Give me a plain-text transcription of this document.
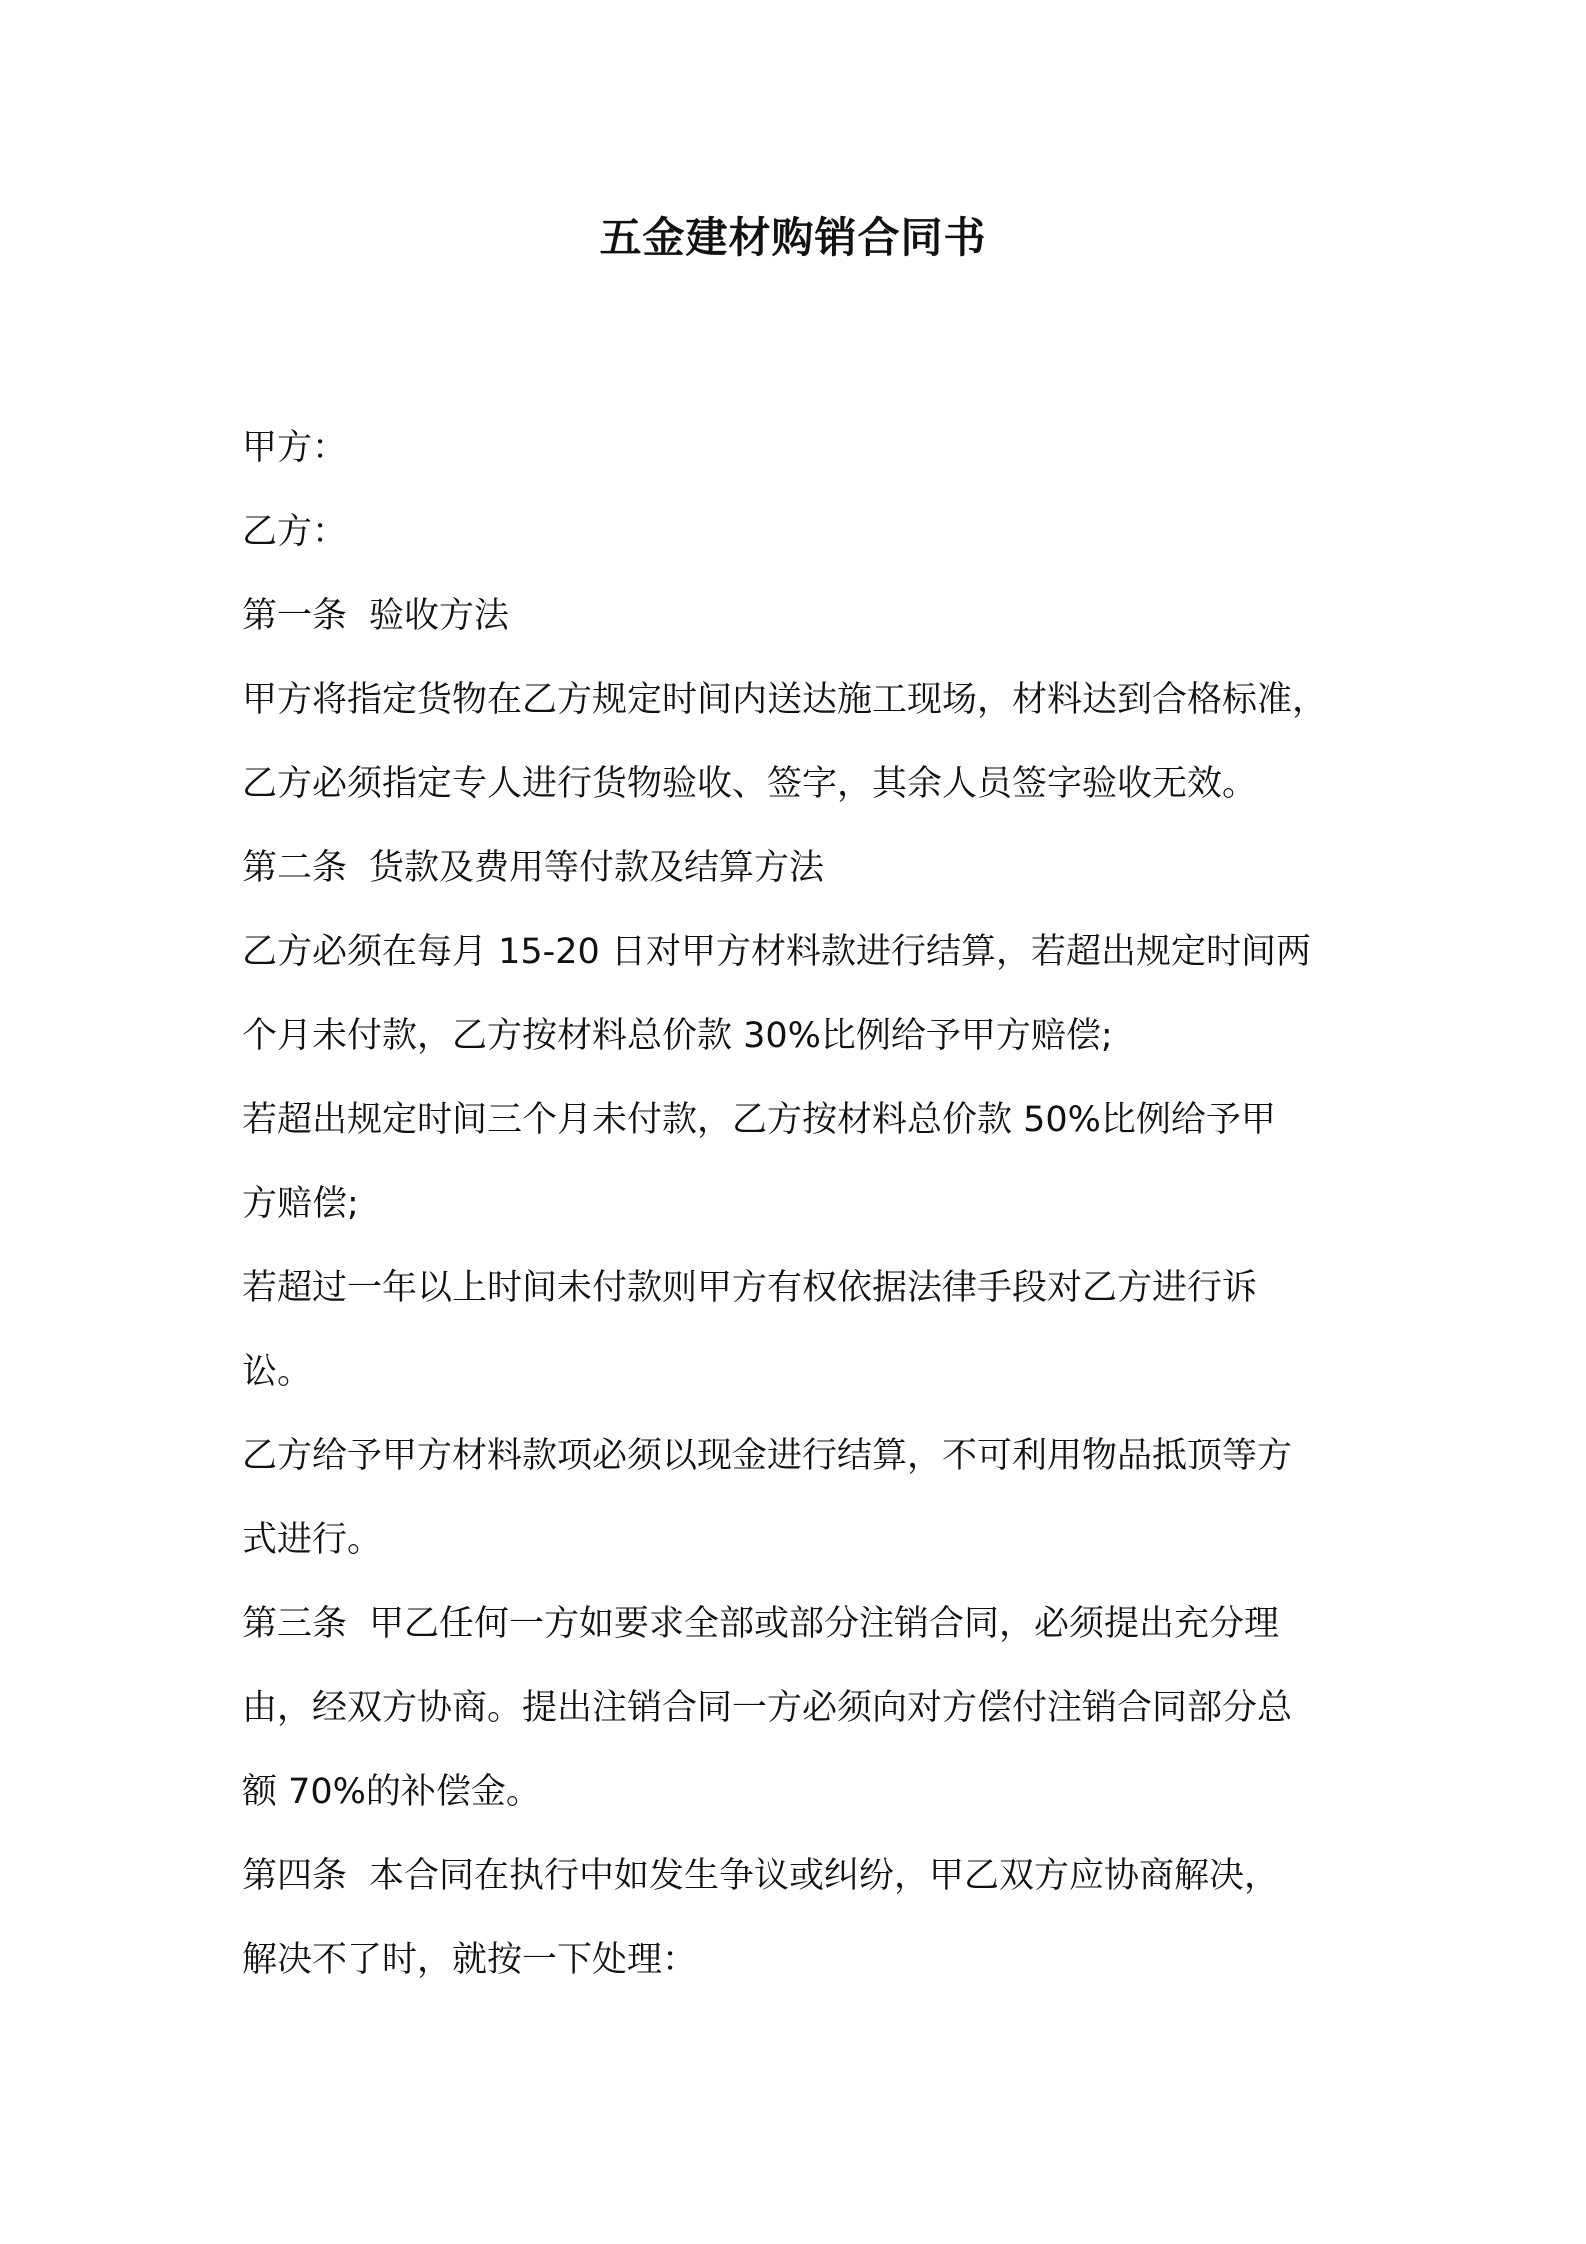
五金建材购销合同书
甲方：
乙方：
第一条 验收方法
甲方将指定货物在乙方规定时间内送达施工现场，材料达到合格标准，
乙方必须指定专人进行货物验收、签字，其余人员签字验收无效。
第二条 货款及费用等付款及结算方法
乙方必须在每月 15-20 日对甲方材料款进行结算，若超出规定时间两
个月未付款，乙方按材料总价款 30%比例给予甲方赔偿;
若超出规定时间三个月未付款，乙方按材料总价款 50%比例给予甲
方赔偿;
若超过一年以上时间未付款则甲方有权依据法律手段对乙方进行诉
讼。
乙方给予甲方材料款项必须以现金进行结算，不可利用物品抵顶等方
式进行。
第三条 甲乙任何一方如要求全部或部分注销合同，必须提出充分理
由，经双方协商。提出注销合同一方必须向对方偿付注销合同部分总
额 70%的补偿金。
第四条 本合同在执行中如发生争议或纠纷，甲乙双方应协商解决，
解决不了时，就按一下处理：
